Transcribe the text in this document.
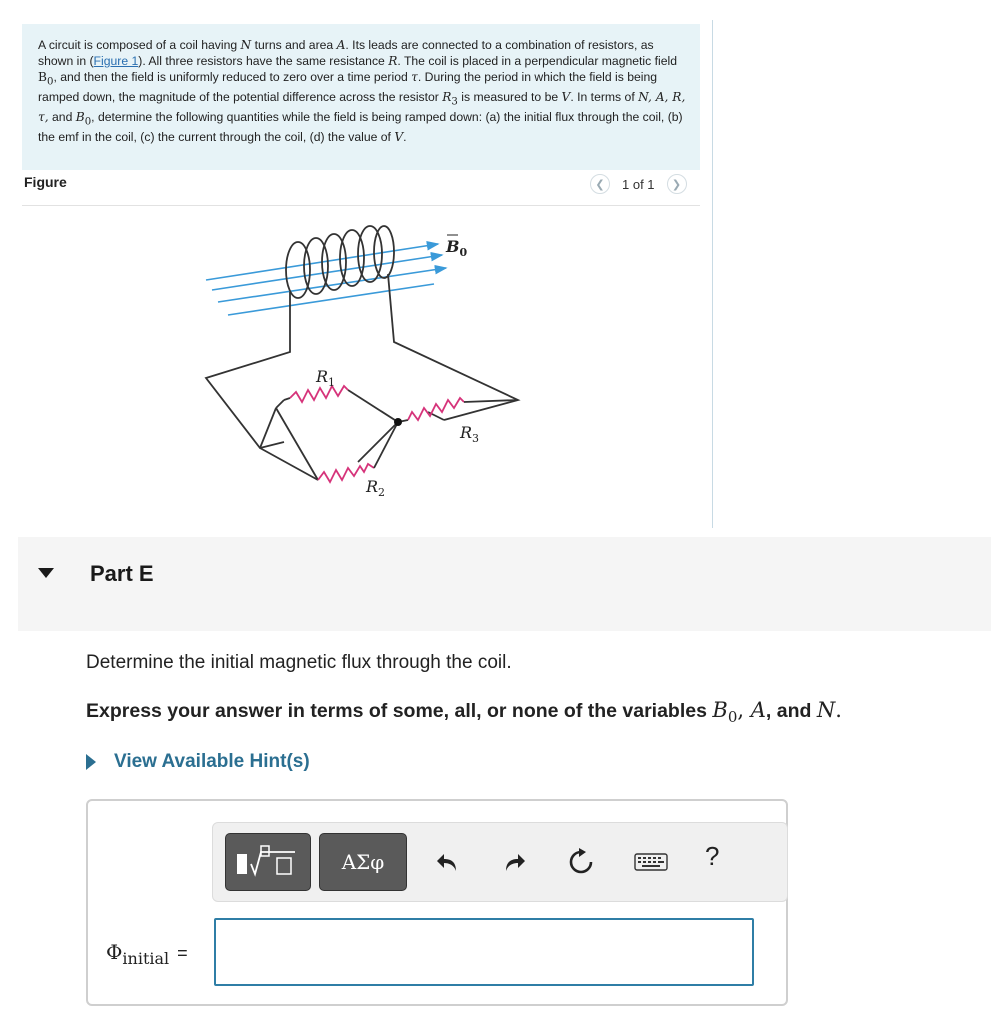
A circuit is composed of a coil having N turns and area A. Its leads are connected to a combination of resistors, as shown in (Figure 1). All three resistors have the same resistance R. The coil is placed in a perpendicular magnetic field $B_0$, and then the field is uniformly reduced to zero over a time period τ. During the period in which the field is being ramped down, the magnitude of the potential difference across the resistor $R_3$ is measured to be V. In terms of N, A, R, τ, and $B_0$, determine the following quantities while the field is being ramped down: (a) the initial flux through the coil, (b) the emf in the coil, (c) the current through the coil, (d) the value of V.

Figure	❮	1 of 1	❯
$B_0$
$R_1$
$R_3$
$R_2$
Part E
Determine the initial magnetic flux through the coil.
Express your answer in terms of some, all, or none of the variables $B_0$, A, and N.
View Available Hint(s)
ΑΣφ	?
$\Phi_{initial}$ =
